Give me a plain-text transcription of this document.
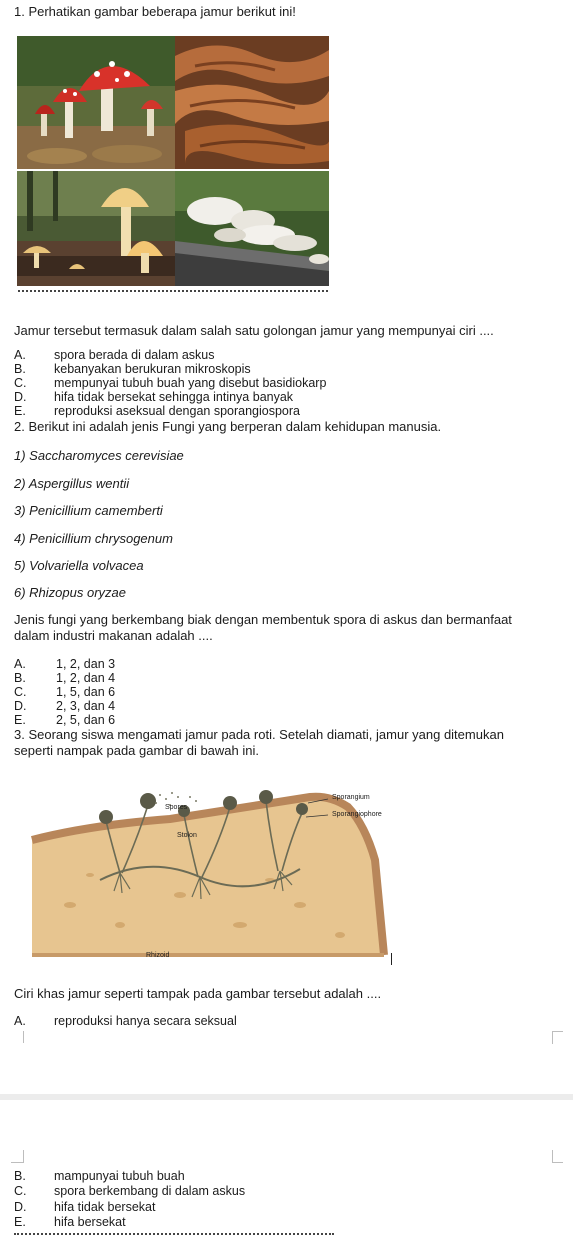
1. Perhatikan gambar beberapa jamur berikut ini!
Jamur tersebut termasuk dalam salah satu golongan jamur yang mempunyai ciri ....
A. spora berada di dalam askus
B. kebanyakan berukuran mikroskopis
C. mempunyai tubuh buah yang disebut basidiokarp
D. hifa tidak bersekat sehingga intinya banyak
E. reproduksi aseksual dengan sporangiospora
2. Berikut ini adalah jenis Fungi yang berperan dalam kehidupan manusia.
1) Saccharomyces cerevisiae
2) Aspergillus wentii
3) Penicillium camemberti
4) Penicillium chrysogenum
5) Volvariella volvacea
6) Rhizopus oryzae
Jenis fungi yang berkembang biak dengan membentuk spora di askus dan bermanfaat
dalam industri makanan adalah ....
A. 1, 2, dan 3
B. 1, 2, dan 4
C. 1, 5, dan 6
D. 2, 3, dan 4
E. 2, 5, dan 6
3. Seorang siswa mengamati jamur pada roti. Setelah diamati, jamur yang ditemukan
seperti nampak pada gambar di bawah ini.
Sporangium
Spores
Sporangiophore
Stolon
Rhizoid
Ciri khas jamur seperti tampak pada gambar tersebut adalah ....
A. reproduksi hanya secara seksual
B. mampunyai tubuh buah
C. spora berkembang di dalam askus
D. hifa tidak bersekat
E. hifa bersekat
